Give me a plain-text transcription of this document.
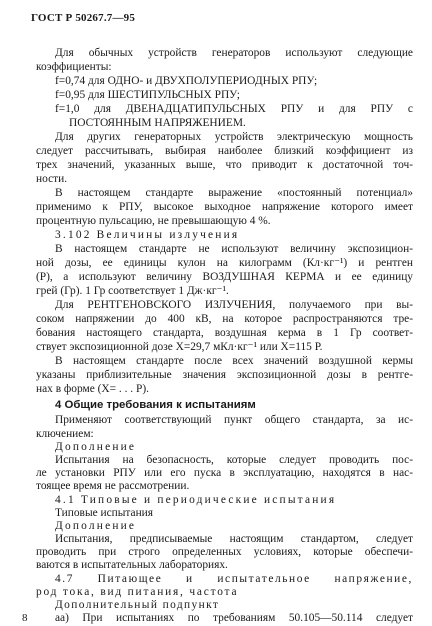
ГОСТ Р 50267.7—95
Для обычных устройств генераторов используют следующие
коэффициенты:
f=0,74 для ОДНО- и ДВУХПОЛУПЕРИОДНЫХ РПУ;
f=0,95 для ШЕСТИПУЛЬСНЫХ РПУ;
f=1,0 для ДВЕНАДЦАТИПУЛЬСНЫХ РПУ и для РПУ с
ПОСТОЯННЫМ НАПРЯЖЕНИЕМ.
Для других генераторных устройств электрическую мощность
следует рассчитывать, выбирая наиболее близкий коэффициент из
трех значений, указанных выше, что приводит к достаточной точ-
ности.
В настоящем стандарте выражение «постоянный потенциал»
применимо к РПУ, высокое выходное напряжение которого имеет
процентную пульсацию, не превышающую 4 %.
3.102 Величины излучения
В настоящем стандарте не используют величину экспозицион-
ной дозы, ее единицы кулон на килограмм (Кл·кг⁻¹) и рентген
(Р), а используют величину ВОЗДУШНАЯ КЕРМА и ее единицу
грей (Гр). 1 Гр соответствует 1 Дж·кг⁻¹.
Для РЕНТГЕНОВСКОГО ИЗЛУЧЕНИЯ, получаемого при вы-
соком напряжении до 400 кВ, на которое распространяются тре-
бования настоящего стандарта, воздушная керма в 1 Гр соответ-
ствует экспозиционной дозе X=29,7 мКл·кг⁻¹ или X=115 Р.
В настоящем стандарте после всех значений воздушной кермы
указаны приблизительные значения экспозиционной дозы в рентге-
нах в форме (X= . . . Р).
4 Общие требования к испытаниям
Применяют соответствующий пункт общего стандарта, за ис-
ключением:
Дополнение
Испытания на безопасность, которые следует проводить пос-
ле установки РПУ или его пуска в эксплуатацию, находятся в нас-
тоящее время не рассмотрении.
4.1 Типовые и периодические испытания
Типовые испытания
Дополнение
Испытания, предписываемые настоящим стандартом, следует
проводить при строго определенных условиях, которые обеспечи-
ваются в испытательных лабораториях.
4.7 Питающее и испытательное напряжение,
род тока, вид питания, частота
Дополнительный подпункт
aa) При испытаниях по требованиям 50.105—50.114 следует
8
